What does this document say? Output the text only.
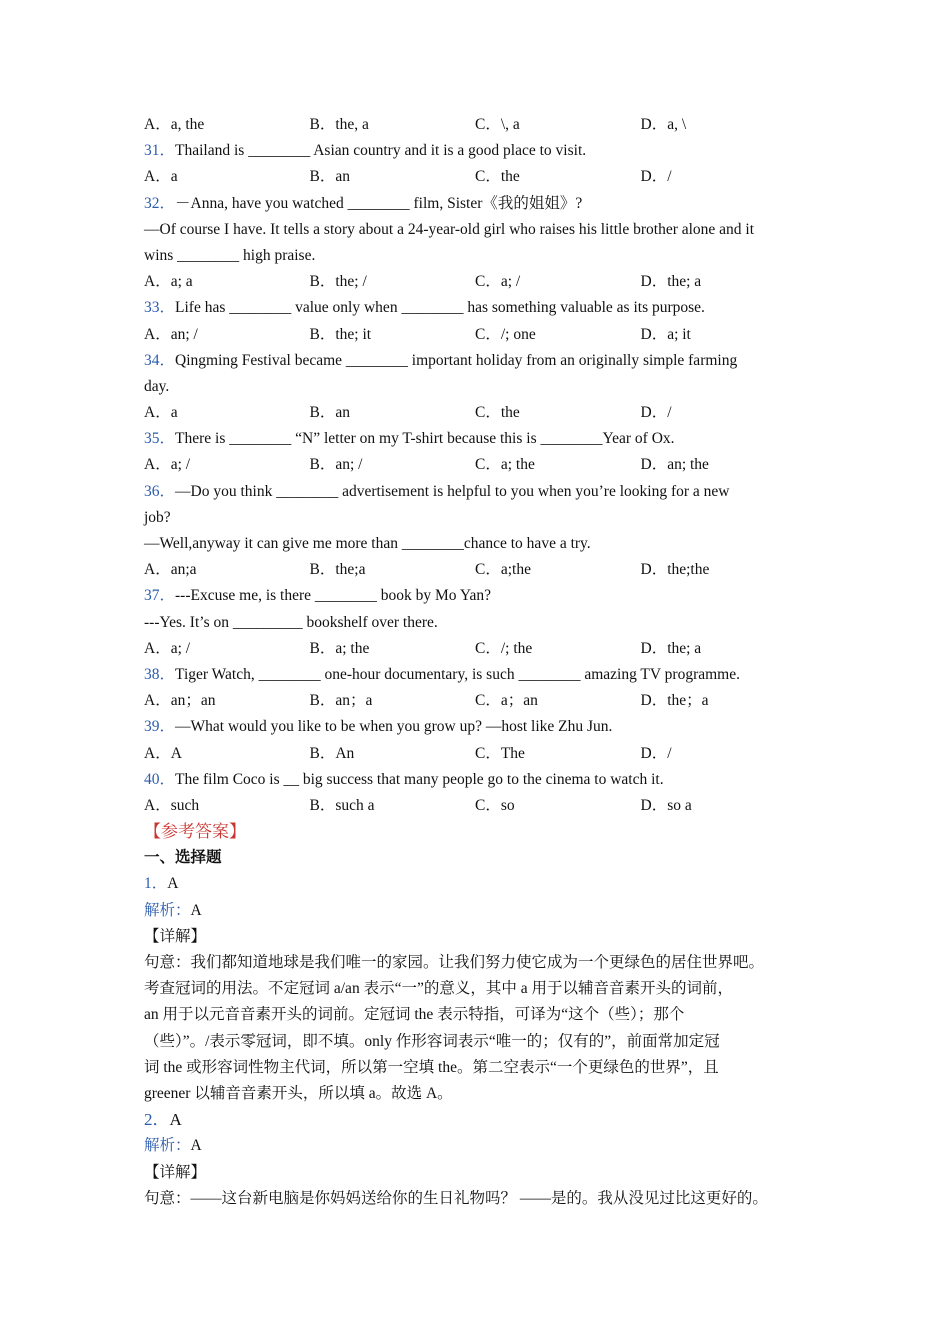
A．a, the	B．the, a	C．\, a	D．a, \
31．Thailand is ________ Asian country and it is a good place to visit.
A．a	B．an	C．the	D．/
32．－Anna, have you watched ________ film, Sister《我的姐姐》?
—Of course I have. It tells a story about a 24-year-old girl who raises his little brother alone and it
wins ________ high praise.
A．a; a	B．the; /	C．a; /	D．the; a
33．Life has ________ value only when ________ has something valuable as its purpose.
A．an; /	B．the; it	C．/; one	D．a; it
34．Qingming Festival became ________ important holiday from an originally simple farming
day.
A．a	B．an	C．the	D．/
35．There is ________ “N” letter on my T-shirt because this is ________Year of Ox.
A．a; /	B．an; /	C．a; the	D．an; the
36．—Do you think ________ advertisement is helpful to you when you’re looking for a new
job?
—Well,anyway it can give me more than ________chance to have a try.
A．an;a	B．the;a	C．a;the	D．the;the
37．---Excuse me, is there ________ book by Mo Yan?
---Yes. It’s on _________ bookshelf over there.
A．a; /	B．a; the	C．/; the	D．the; a
38．Tiger Watch, ________ one-hour documentary, is such ________ amazing TV programme.
A．an；an	B．an；a	C．a；an	D．the；a
39．—What would you like to be when you grow up? —host like Zhu Jun.
A．A	B．An	C．The	D．/
40．The film Coco is __ big success that many people go to the cinema to watch it.
A．such	B．such a	C．so	D．so a
【参考答案】
一、选择题
1．A
解析：A
【详解】
句意：我们都知道地球是我们唯一的家园。让我们努力使它成为一个更绿色的居住世界吧。
考查冠词的用法。不定冠词 a/an 表示“一”的意义，其中 a 用于以辅音音素开头的词前，
an 用于以元音音素开头的词前。定冠词 the 表示特指，可译为“这个（些）；那个
（些）”。/表示零冠词，即不填。only 作形容词表示“唯一的；仅有的”，前面常加定冠
词 the 或形容词性物主代词，所以第一空填 the。第二空表示“一个更绿色的世界”，且
greener 以辅音音素开头，所以填 a。故选 A。
2．A
解析：A
【详解】
句意：——这台新电脑是你妈妈送给你的生日礼物吗？ ——是的。我从没见过比这更好的。
